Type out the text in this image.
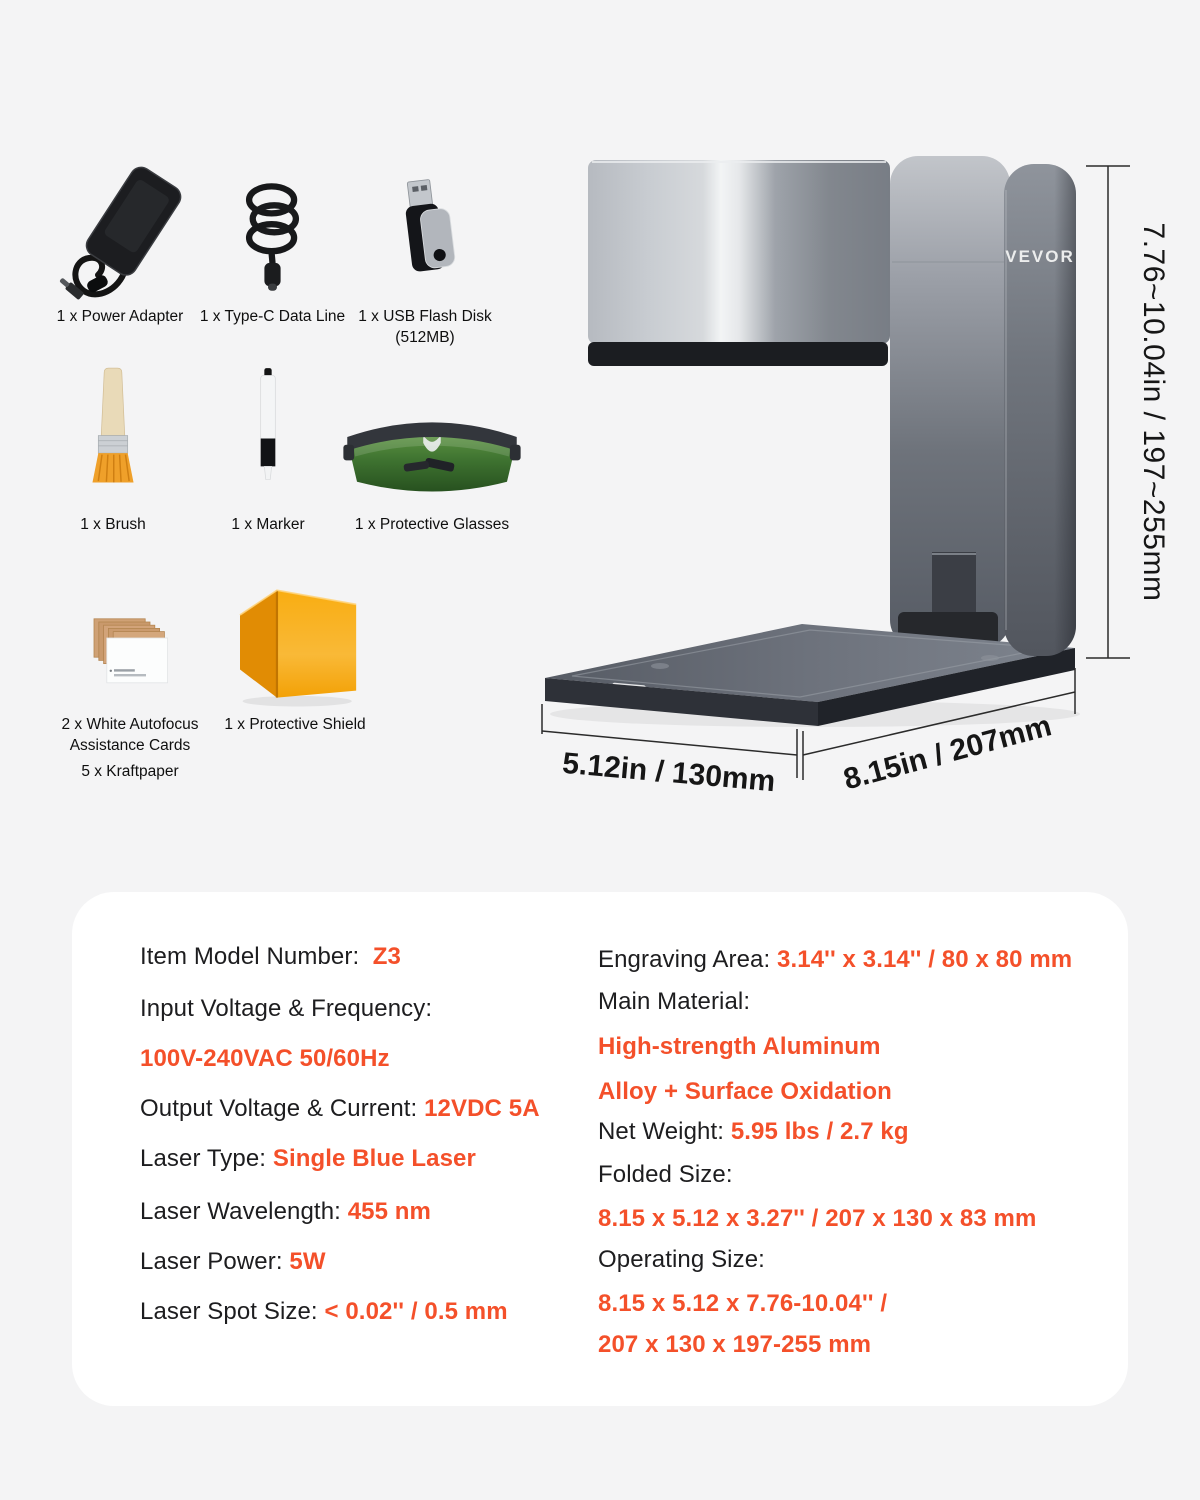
1 x Power Adapter	1 x Type-C Data Line 1 x USB Flash Disk
(512MB)
1 x Brush	1 x Marker	1 x Protective Glasses
2 x White Autofocus
Assistance Cards
5 x Kraftpaper
1 x Protective Shield
VEVOR 7.76~10.04in / 197~255mm
5.12in / 130mm 8.15in / 207mm
Item Model Number:  Z3
Input Voltage & Frequency:
100V-240VAC 50/60Hz
Output Voltage & Current: 12VDC 5A
Laser Type: Single Blue Laser
Laser Wavelength: 455 nm
Laser Power: 5W
Laser Spot Size: < 0.02'' / 0.5 mm
Engraving Area: 3.14'' x 3.14'' / 80 x 80 mm
Main Material:
High-strength Aluminum
Alloy + Surface Oxidation
Net Weight: 5.95 lbs / 2.7 kg
Folded Size:
8.15 x 5.12 x 3.27'' / 207 x 130 x 83 mm
Operating Size:
8.15 x 5.12 x 7.76-10.04'' /
207 x 130 x 197-255 mm
